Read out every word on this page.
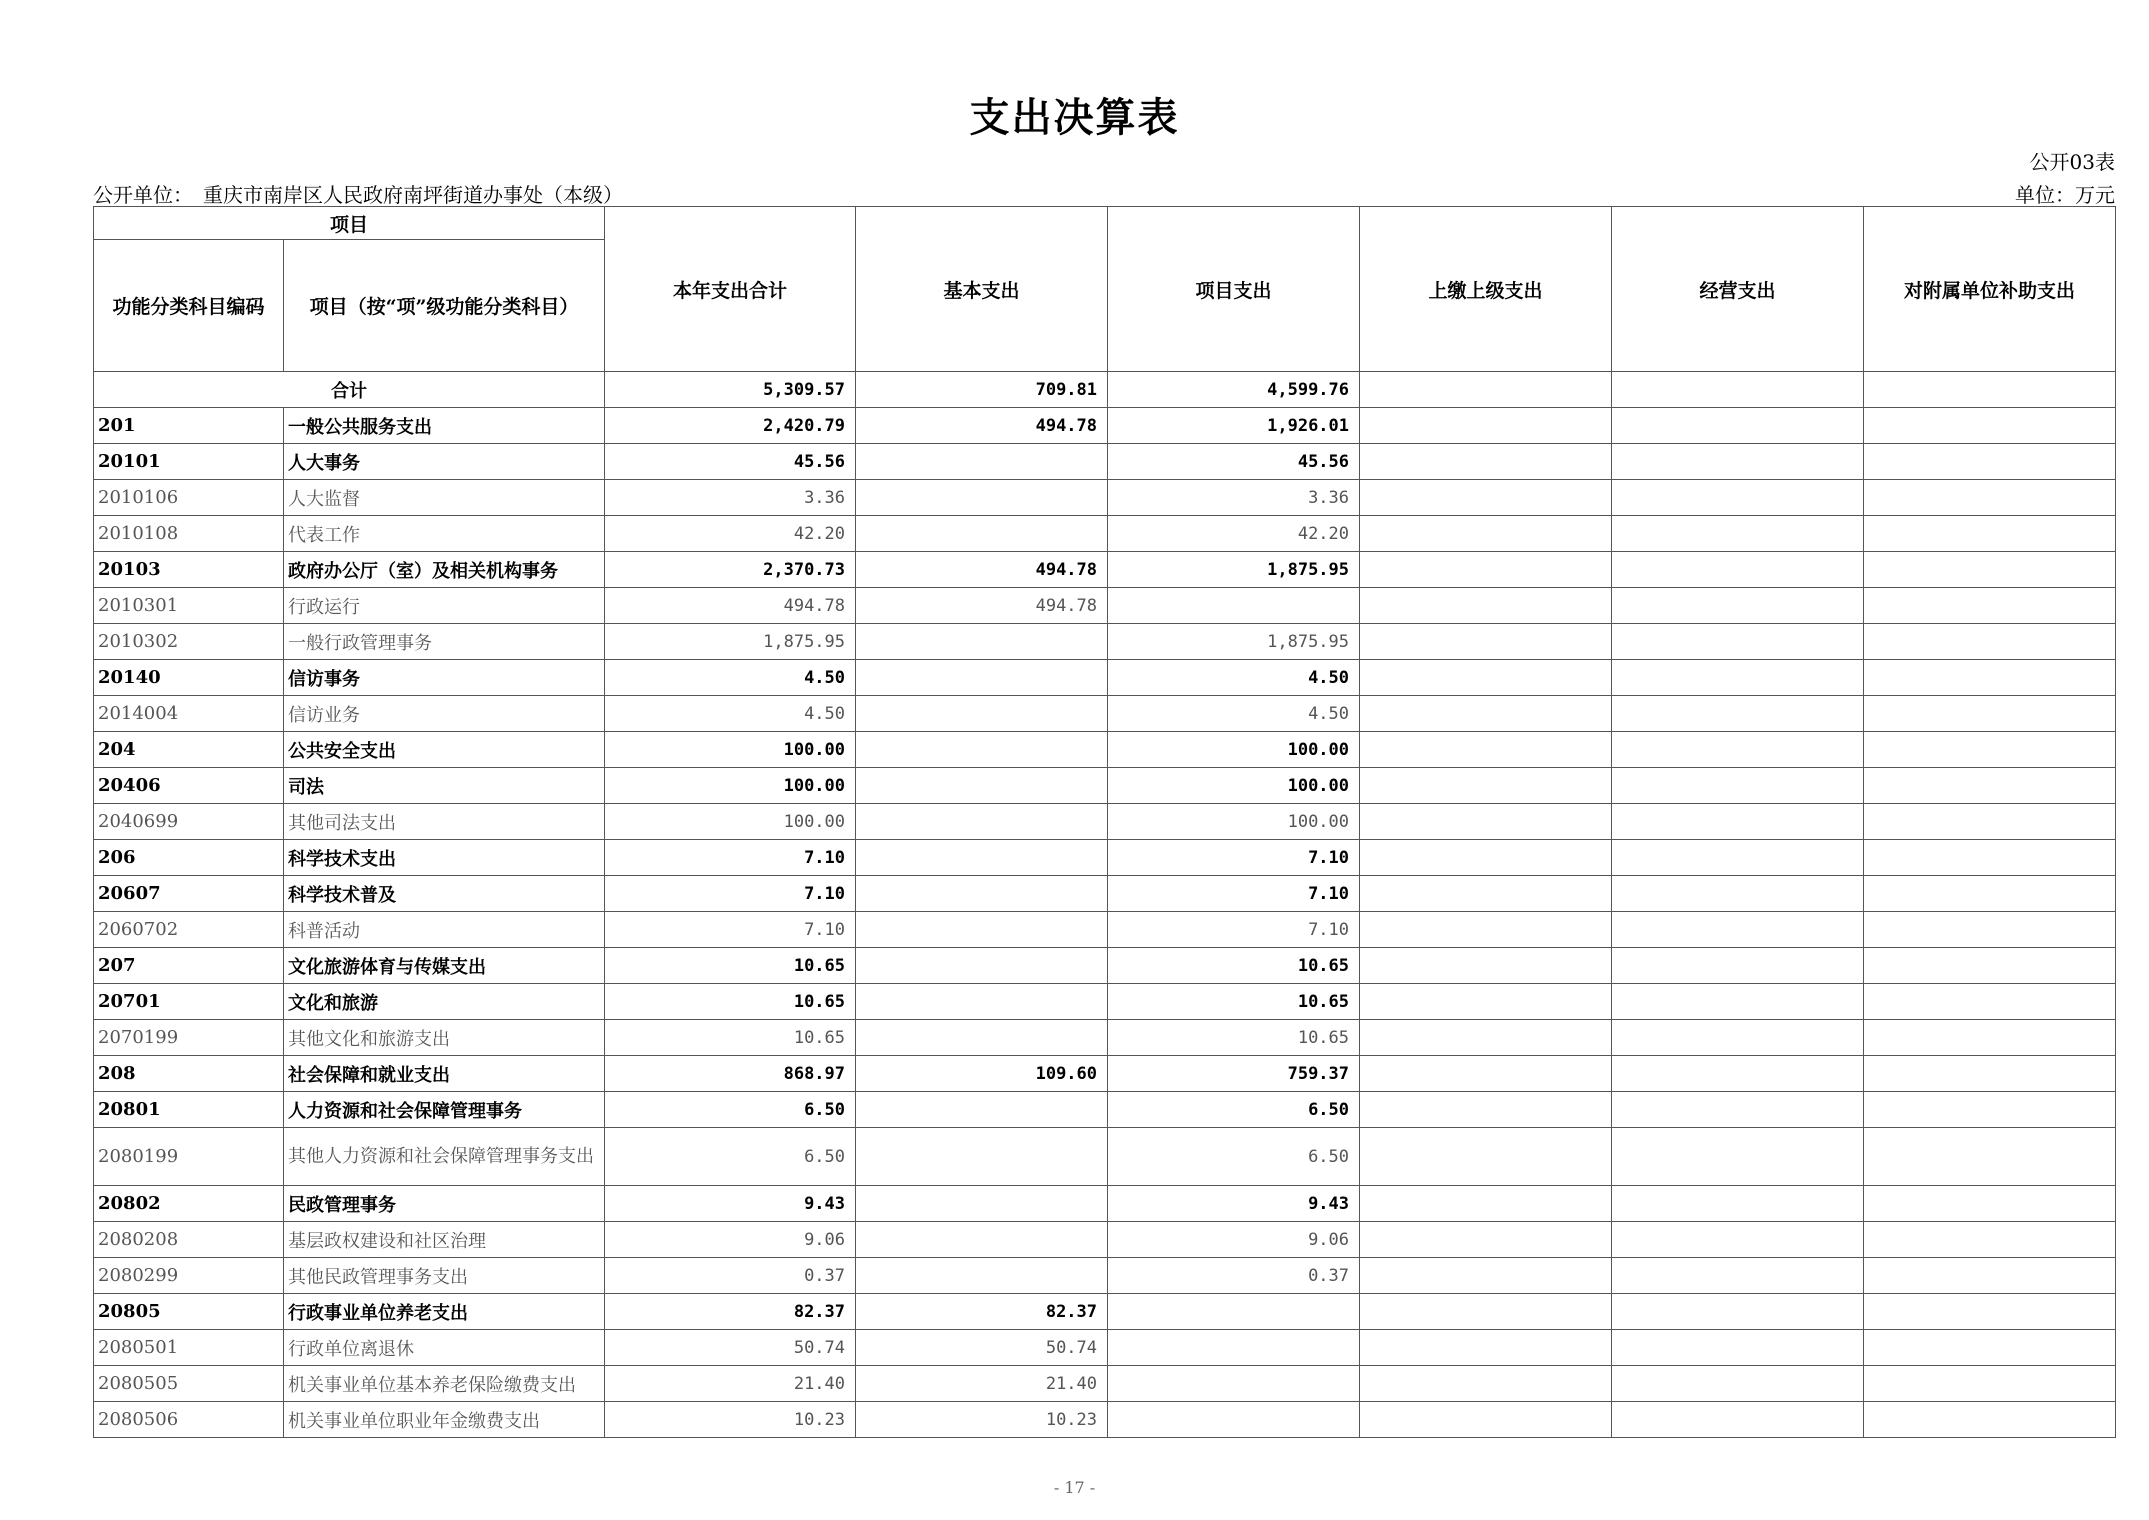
支出决算表
公开03表
公开单位：　重庆市南岸区人民政府南坪街道办事处（本级）	单位：万元
项目		本年支出合计	基本支出	项目支出	上缴上级支出	经营支出	对附属单位补助支出
功能分类科目编码	项目（按“项”级功能分类科目）						
合计		5,309.57	709.81	4,599.76			
201	一般公共服务支出	2,420.79	494.78	1,926.01			
20101	人大事务	45.56		45.56			
2010106	人大监督	3.36		3.36			
2010108	代表工作	42.20		42.20			
20103	政府办公厅（室）及相关机构事务	2,370.73	494.78	1,875.95			
2010301	行政运行	494.78	494.78				
2010302	一般行政管理事务	1,875.95		1,875.95			
20140	信访事务	4.50		4.50			
2014004	信访业务	4.50		4.50			
204	公共安全支出	100.00		100.00			
20406	司法	100.00		100.00			
2040699	其他司法支出	100.00		100.00			
206	科学技术支出	7.10		7.10			
20607	科学技术普及	7.10		7.10			
2060702	科普活动	7.10		7.10			
207	文化旅游体育与传媒支出	10.65		10.65			
20701	文化和旅游	10.65		10.65			
2070199	其他文化和旅游支出	10.65		10.65			
208	社会保障和就业支出	868.97	109.60	759.37			
20801	人力资源和社会保障管理事务	6.50		6.50			
2080199	其他人力资源和社会保障管理事务支出	6.50		6.50			
20802	民政管理事务	9.43		9.43			
2080208	基层政权建设和社区治理	9.06		9.06			
2080299	其他民政管理事务支出	0.37		0.37			
20805	行政事业单位养老支出	82.37	82.37				
2080501	行政单位离退休	50.74	50.74				
2080505	机关事业单位基本养老保险缴费支出	21.40	21.40				
2080506	机关事业单位职业年金缴费支出	10.23	10.23				
- 17 -
